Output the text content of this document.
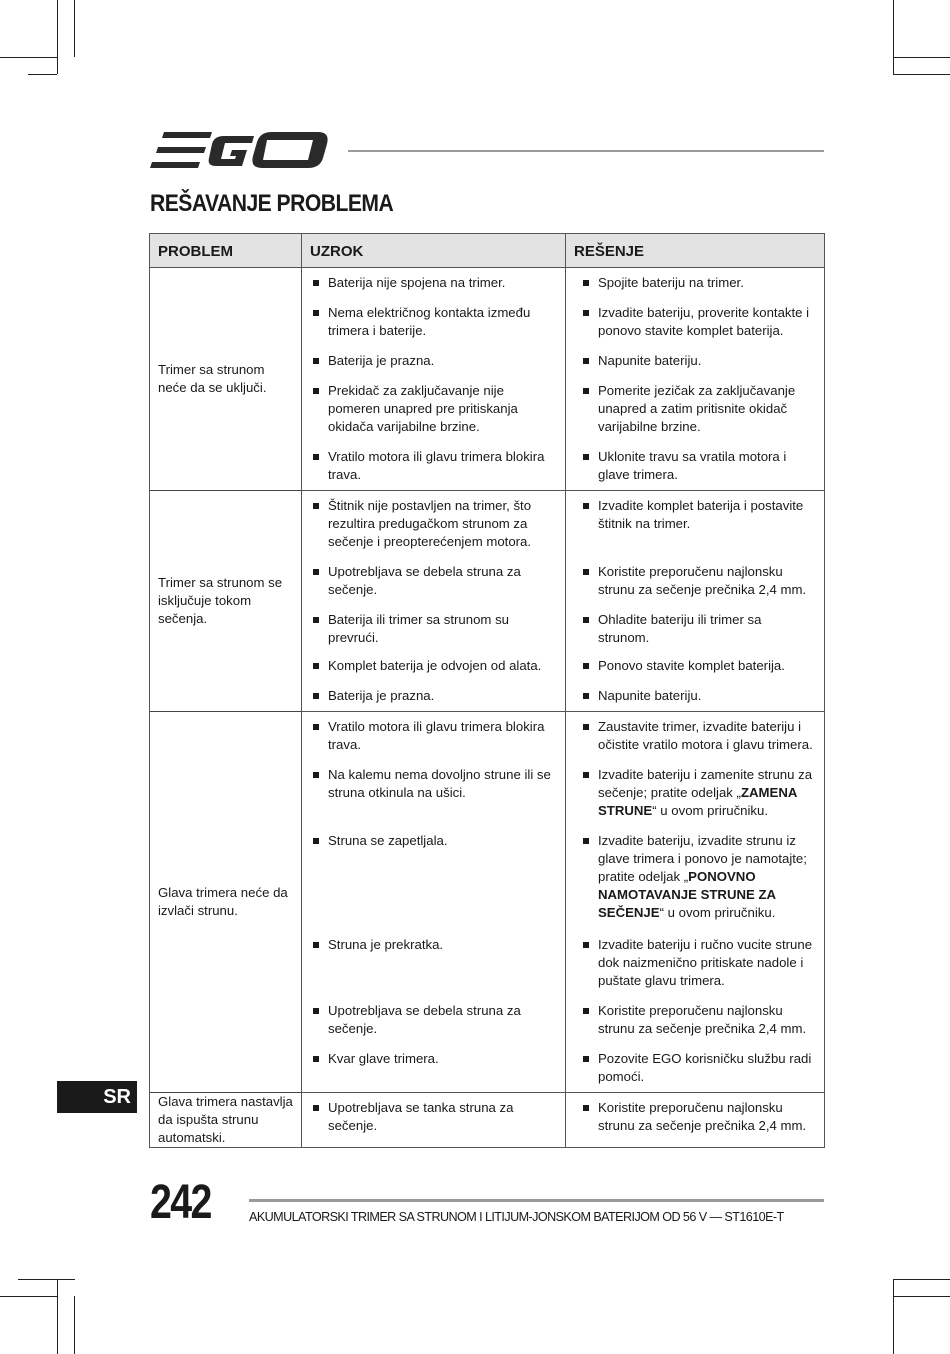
REŠAVANJE PROBLEMA
PROBLEM	UZROK	REŠENJE
Trimer sa strunom neće da se uključi.	Baterija nije spojena na trimer.	Spojite bateriju na trimer.

	Nema električnog kontakta između trimera i baterije.	Izvadite bateriju, proverite kontakte i ponovo stavite komplet baterija.

	Baterija je prazna.	Napunite bateriju.

	Prekidač za zaključavanje nije pomeren unapred pre pritiskanja okidača varijabilne brzine.	Pomerite jezičak za zaključavanje unapred a zatim pritisnite okidač varijabilne brzine.

	Vratilo motora ili glavu trimera blokira trava.	Uklonite travu sa vratila motora i glave trimera.

Trimer sa strunom se isključuje tokom sečenja.	Štitnik nije postavljen na trimer, što rezultira predugačkom strunom za sečenje i preopterećenjem motora.	Izvadite komplet baterija i postavite štitnik na trimer.

	Upotrebljava se debela struna za sečenje.	Koristite preporučenu najlonsku strunu za sečenje prečnika 2,4 mm.

	Baterija ili trimer sa strunom su prevrući.	Ohladite bateriju ili trimer sa strunom.

	Komplet baterija je odvojen od alata.	Ponovo stavite komplet baterija.

	Baterija je prazna.	Napunite bateriju.

Glava trimera neće da izvlači strunu.	Vratilo motora ili glavu trimera blokira trava.	Zaustavite trimer, izvadite bateriju i očistite vratilo motora i glavu trimera.

	Na kalemu nema dovoljno strune ili se struna otkinula na ušici.	Izvadite bateriju i zamenite strunu za sečenje; pratite odeljak „ZAMENA STRUNE“ u ovom priručniku.

	Struna se zapetljala.	Izvadite bateriju, izvadite strunu iz glave trimera i ponovo je namotajte; pratite odeljak „PONOVNO NAMOTAVANJE STRUNE ZA SEČENJE“ u ovom priručniku.

	Struna je prekratka.	Izvadite bateriju i ručno vucite strune dok naizmenično pritiskate nadole i puštate glavu trimera.

	Upotrebljava se debela struna za sečenje.	Koristite preporučenu najlonsku strunu za sečenje prečnika 2,4 mm.

	Kvar glave trimera.	Pozovite EGO korisničku službu radi pomoći.

Glava trimera nastavlja da ispušta strunu automatski.	Upotrebljava se tanka struna za sečenje.	Koristite preporučenu najlonsku strunu za sečenje prečnika 2,4 mm.
SR
242	AKUMULATORSKI TRIMER SA STRUNOM I LITIJUM-JONSKOM BATERIJOM OD 56 V — ST1610E-T
